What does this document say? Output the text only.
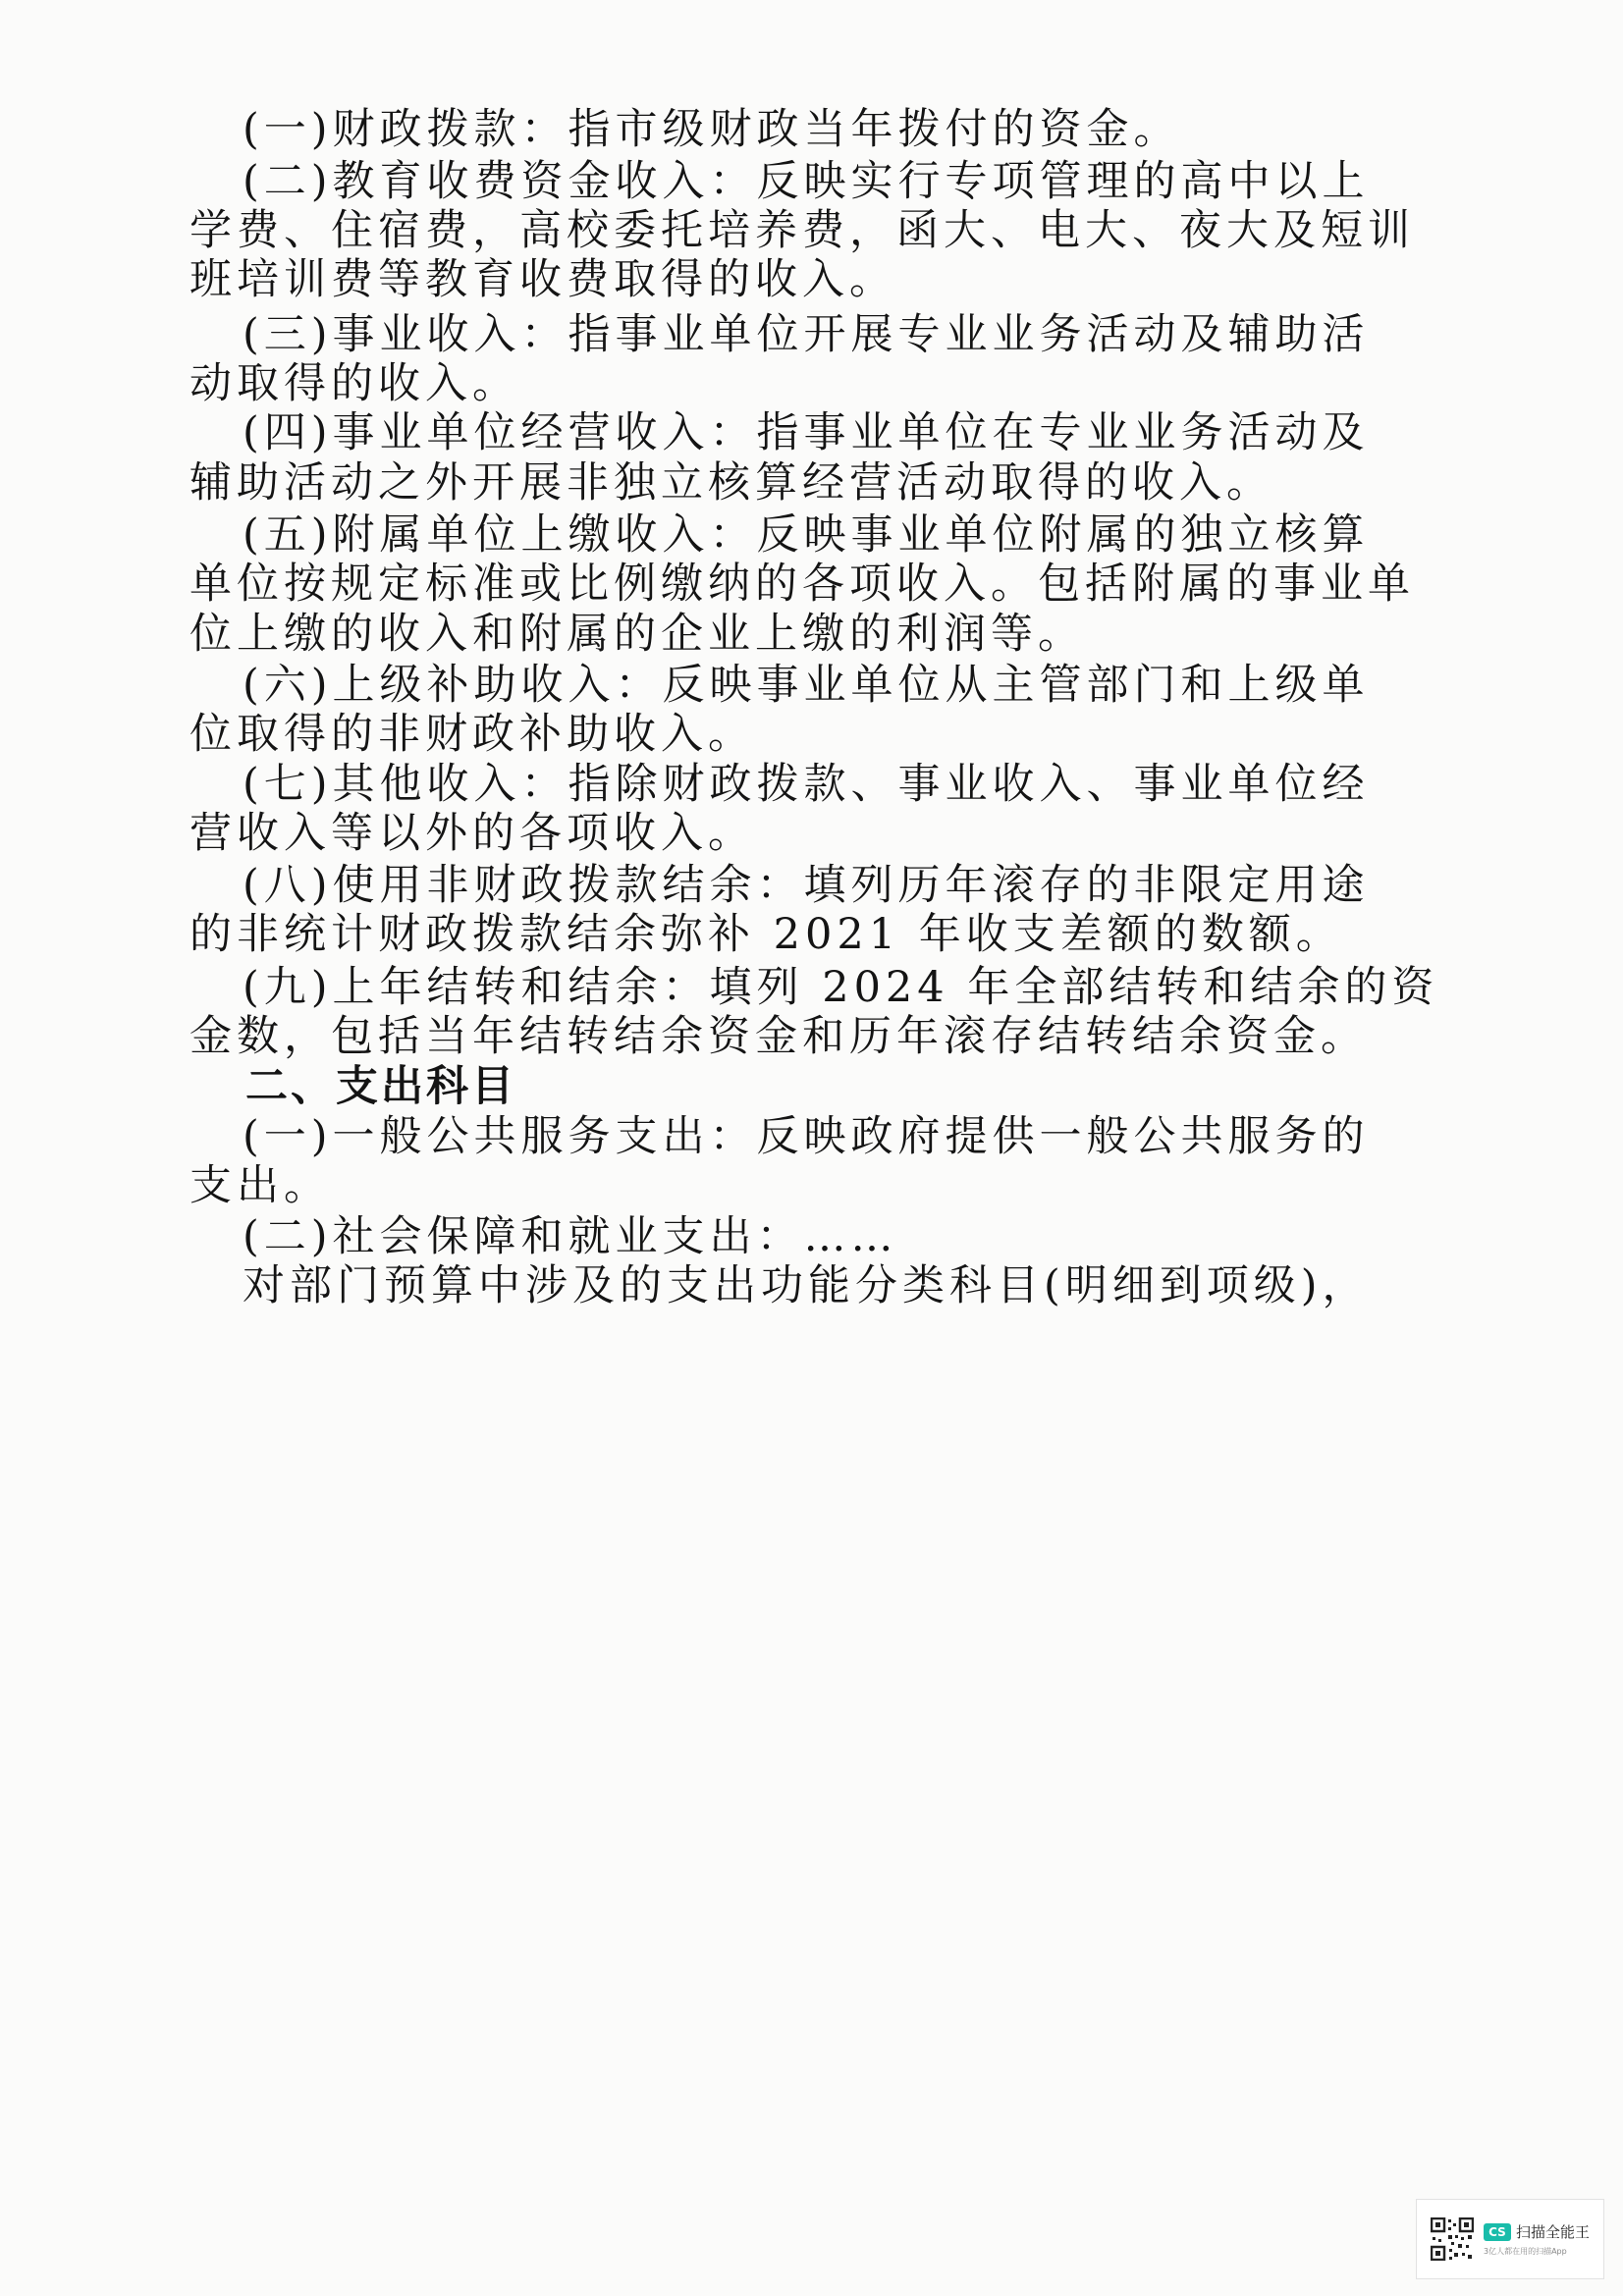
(一)财政拨款：指市级财政当年拨付的资金。
(二)教育收费资金收入：反映实行专项管理的高中以上
学费、住宿费，高校委托培养费，函大、电大、夜大及短训
班培训费等教育收费取得的收入。
(三)事业收入：指事业单位开展专业业务活动及辅助活
动取得的收入。
(四)事业单位经营收入：指事业单位在专业业务活动及
辅助活动之外开展非独立核算经营活动取得的收入。
(五)附属单位上缴收入：反映事业单位附属的独立核算
单位按规定标准或比例缴纳的各项收入。包括附属的事业单
位上缴的收入和附属的企业上缴的利润等。
(六)上级补助收入：反映事业单位从主管部门和上级单
位取得的非财政补助收入。
(七)其他收入：指除财政拨款、事业收入、事业单位经
营收入等以外的各项收入。
(八)使用非财政拨款结余：填列历年滚存的非限定用途
的非统计财政拨款结余弥补 2021 年收支差额的数额。
(九)上年结转和结余：填列 2024 年全部结转和结余的资
金数，包括当年结转结余资金和历年滚存结转结余资金。
二、支出科目
(一)一般公共服务支出：反映政府提供一般公共服务的
支出。
(二)社会保障和就业支出：……
对部门预算中涉及的支出功能分类科目(明细到项级)，
CS 扫描全能王
3亿人都在用的扫描App
